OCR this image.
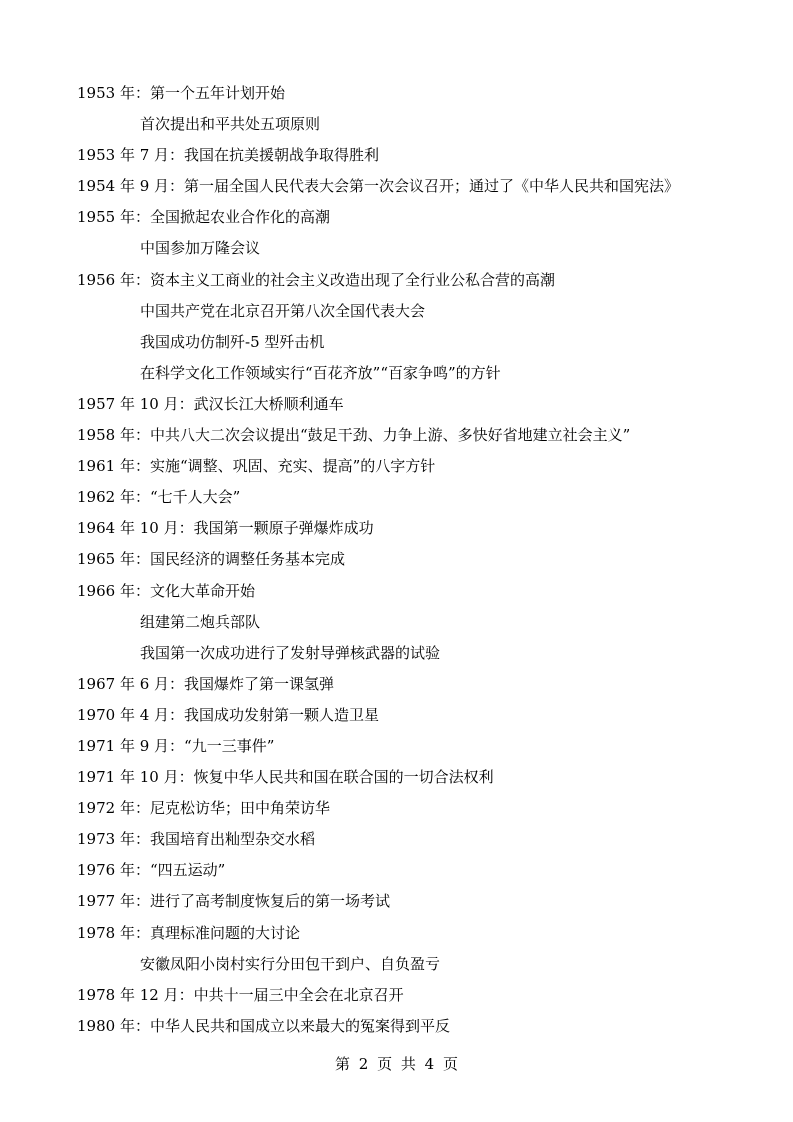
1953 年：第一个五年计划开始
首次提出和平共处五项原则
1953 年 7 月：我国在抗美援朝战争取得胜利
1954 年 9 月：第一届全国人民代表大会第一次会议召开；通过了《中华人民共和国宪法》
1955 年：全国掀起农业合作化的高潮
中国参加万隆会议
1956 年：资本主义工商业的社会主义改造出现了全行业公私合营的高潮
中国共产党在北京召开第八次全国代表大会
我国成功仿制歼-5 型歼击机
在科学文化工作领域实行“百花齐放”“百家争鸣”的方针
1957 年 10 月：武汉长江大桥顺利通车
1958 年：中共八大二次会议提出“鼓足干劲、力争上游、多快好省地建立社会主义”
1961 年：实施“调整、巩固、充实、提高”的八字方针
1962 年：“七千人大会”
1964 年 10 月：我国第一颗原子弹爆炸成功
1965 年：国民经济的调整任务基本完成
1966 年：文化大革命开始
组建第二炮兵部队
我国第一次成功进行了发射导弹核武器的试验
1967 年 6 月：我国爆炸了第一课氢弹
1970 年 4 月：我国成功发射第一颗人造卫星
1971 年 9 月：“九一三事件”
1971 年 10 月：恢复中华人民共和国在联合国的一切合法权利
1972 年：尼克松访华；田中角荣访华
1973 年：我国培育出籼型杂交水稻
1976 年：“四五运动”
1977 年：进行了高考制度恢复后的第一场考试
1978 年：真理标准问题的大讨论
安徽凤阳小岗村实行分田包干到户、自负盈亏
1978 年 12 月：中共十一届三中全会在北京召开
1980 年：中华人民共和国成立以来最大的冤案得到平反
第 2 页 共 4 页
